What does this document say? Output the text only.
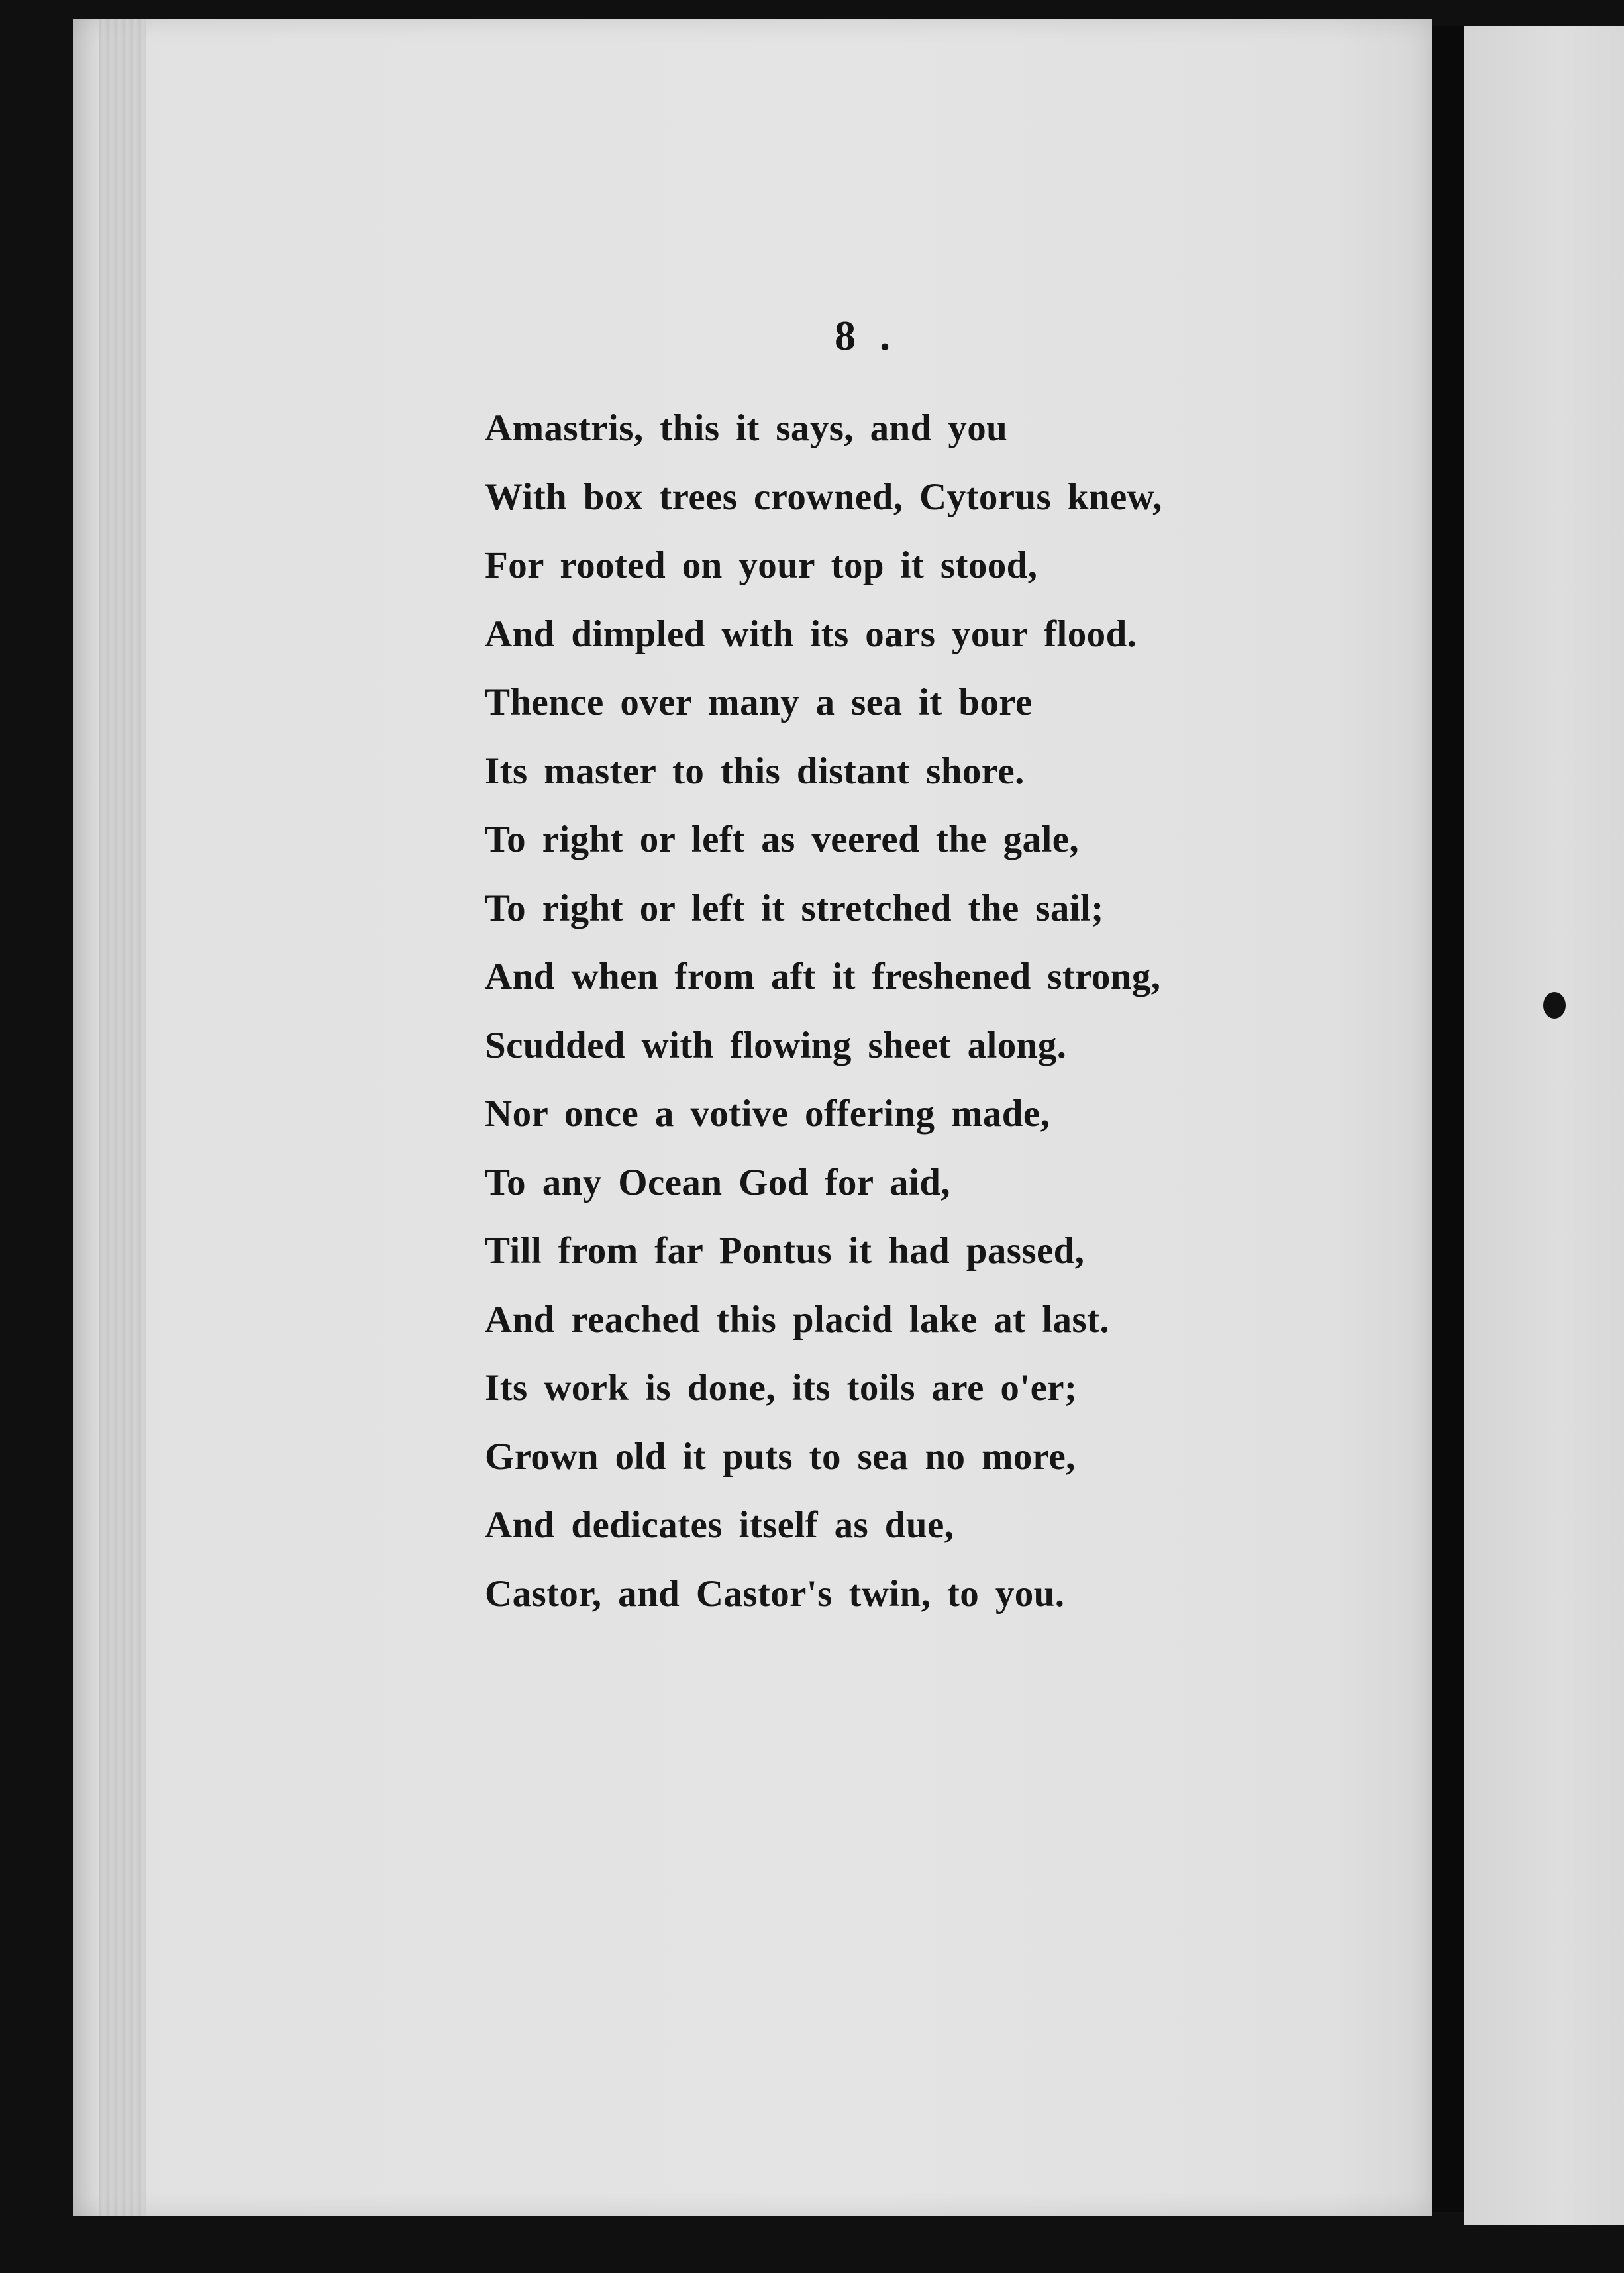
8 .
Amastris, this it says, and you
With box trees crowned, Cytorus knew,
For rooted on your top it stood,
And dimpled with its oars your flood.
Thence over many a sea it bore
Its master to this distant shore.
To right or left as veered the gale,
To right or left it stretched the sail;
And when from aft it freshened strong,
Scudded with flowing sheet along.
Nor once a votive offering made,
To any Ocean God for aid,
Till from far Pontus it had passed,
And reached this placid lake at last.
Its work is done, its toils are o'er;
Grown old it puts to sea no more,
And dedicates itself as due,
Castor, and Castor's twin, to you.
